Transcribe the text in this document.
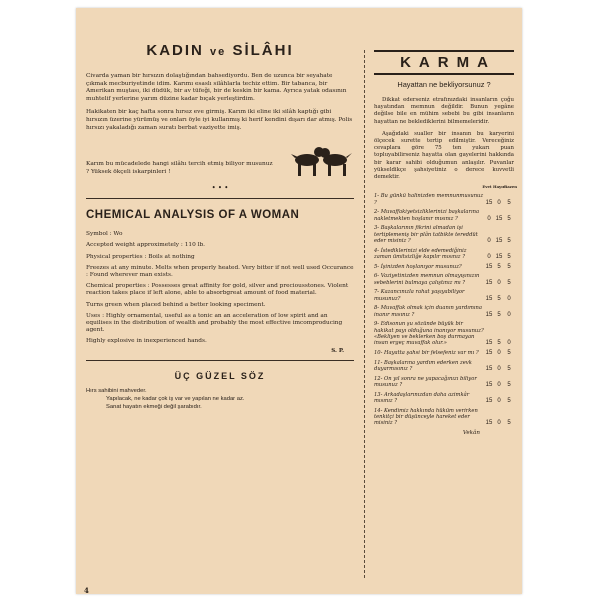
KADIN ve SİLÂHI

Civarda yaman bir hırsızın dolaştığından bahsediyordu. Ben de uzunca bir seyahate çıkmak mecburiyetinde idim. Karımı esaslı silâhlarla techiz ettim. Bir tabanca, bir Amerikan muştası, iki düdük, bir av tüfeği, bir de keskin bir kama. Ayrıca yatak odasının muhtelif yerlerine yarım düzine kadar bıçak yerleştirdim.

Hakikaten bir kaç hafta sonra hırsız eve girmiş. Karım iki eline iki silâh kaptığı gibi hırsızın üzerine yürümüş ve onları öyle iyi kullanmış ki herif kendini dışarı dar atmış. Polis hırsızı yakaladığı zaman suratı berbat vaziyette imiş.

Karım bu mücadelede hangi silâhı tercih etmiş biliyor musunuz ? Yüksek ökçeli iskarpinleri !

• • •
CHEMICAL ANALYSIS OF A WOMAN
Symbol : Wo
Accepted weight approximetely : 110 lb.
Physical properties : Boils at nothing
Freezes at any minute. Melts when properly heated. Very bitter if not well used Occurance : Found wherever man exists.
Chemical properties : Possesses great affinity for gold, silver and preciousstones. Violent reaction takes place if left alone, able to absorbgreat amount of food material.
Turns green when placed behind a better looking speciment.
Uses : Highly ornamental, useful as a tonic an an acceleration of low spirit and an equilises in the distribution of wealth and probably the most effective imcomproducing agent.
Highly explosive in inexperienced hands.
S. P.
ÜÇ GÜZEL SÖZ
Hırs sahibini mahveder.
Yapılacak, ne kadar çok iş var ve yapılan ne kadar az.
Sanat hayatın ekmeği değil şarabıdır.
KARMA
Hayattan ne bekliyorsunuz ?

Dikkat ederseniz etrafınızdaki insanların çoğu hayatından memnun değildir. Bunun yegâne değilse bile en mühim sebebi bu gibi insanların hayattan ne beklediklerini bilmemeleridir.

Aşağıdaki sualler bir insanın bu karyerini ölçecek surette tertip edilmiştir. Vereceğiniz cevaplara göre 75 ten yukarı puan topluyabilirseniz hayatta olan gayelerini hakkında bir karar sahibi olduğumun anlaşılır. Puvanlar yükseldikçe şahsiyetiniz o derece kuvvetli demektir.

Evet Hayır Bazen
1- Bu günkü halinizden memnunmusunuz ?	15 0	5
2- Muvaffakiyetsizliklerinizi başkalarına nakletmekten hoşlanır mısınız ?	0 15 5
3- Başkalarının fikrini almadan işi tertiplemeniş bir plân tatbikte tereddüt eder misiniz ?	0 15 5
4- İstediklerinizi elde edemediğiniz zaman ümitsizliğe kapılır mısınız ?	0 15 5
5- İşinizden hoşlanıyor musunuz?	15 5	5
6- Vaziyetinizden memnun olmayışınızın sebeblerini bulmaya çalıştınız mı ?	15 0	5
7- Kazancınızla rahat yaşıyabiliyor musunuz?	15 5	0
8- Muvaffak olmak için duanın yardımına inanır mısınız ?	15 5	0
9- Edisonun şu sözünde büyük bir hakikat payı olduğuna inanıyor musunuz? «Bekliyen ve beklerken boş durmayan insan ergeç muvaffak olur.»	15 5	0
10- Hayatta şahsi bir felsefeniz var mı ?	15 0	5
11- Başkalarına yardım ederken zevk duyarmısınız ?	15 0	5
12- On yıl sonra ne yapacağınızı biliyor musunuz ?	15 0	5
13- Arkadaşlarınızdan daha azimkâr mısınız ?	15 0	5
14- Kendimiz hakkında hüküm verirken tenkitçi bir düşünceyle hareket eder misiniz ?	15 0	5
Vekân
4
